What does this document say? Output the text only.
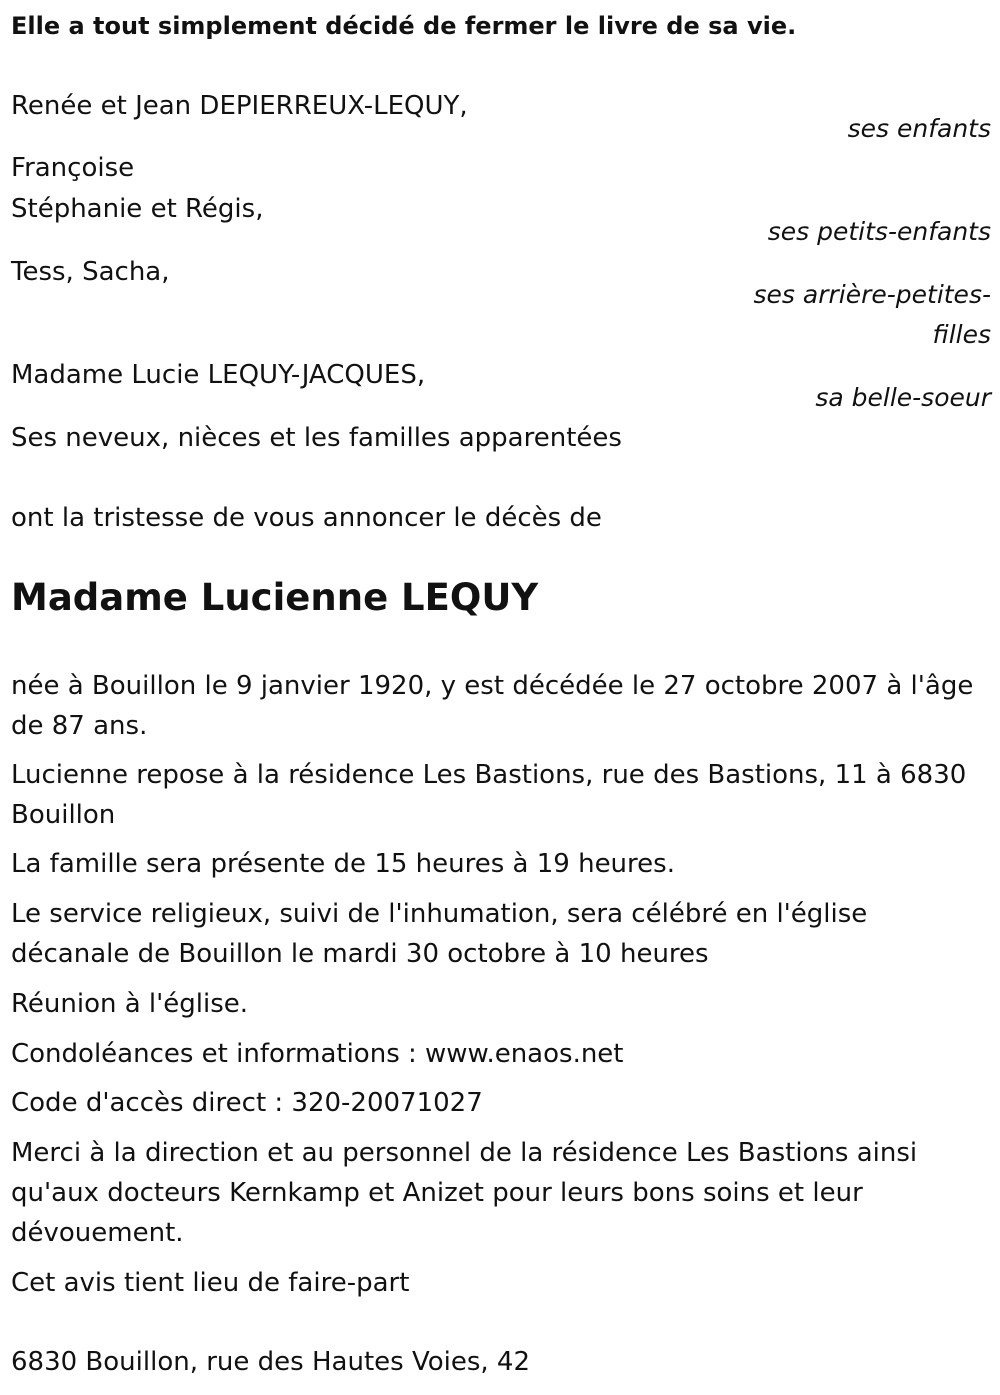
Elle a tout simplement décidé de fermer le livre de sa vie.
Renée et Jean DEPIERREUX-LEQUY,
ses enfants
Françoise
Stéphanie et Régis,
ses petits-enfants
Tess, Sacha,
ses arrière-petites-
filles
Madame Lucie LEQUY-JACQUES,
sa belle-soeur
Ses neveux, nièces et les familles apparentées
ont la tristesse de vous annoncer le décès de
Madame Lucienne LEQUY
née à Bouillon le 9 janvier 1920, y est décédée le 27 octobre 2007 à l'âge
de 87 ans.
Lucienne repose à la résidence Les Bastions, rue des Bastions, 11 à 6830
Bouillon
La famille sera présente de 15 heures à 19 heures.
Le service religieux, suivi de l'inhumation, sera célébré en l'église
décanale de Bouillon le mardi 30 octobre à 10 heures
Réunion à l'église.
Condoléances et informations : www.enaos.net
Code d'accès direct : 320-20071027
Merci à la direction et au personnel de la résidence Les Bastions ainsi
qu'aux docteurs Kernkamp et Anizet pour leurs bons soins et leur
dévouement.
Cet avis tient lieu de faire-part
6830 Bouillon, rue des Hautes Voies, 42
